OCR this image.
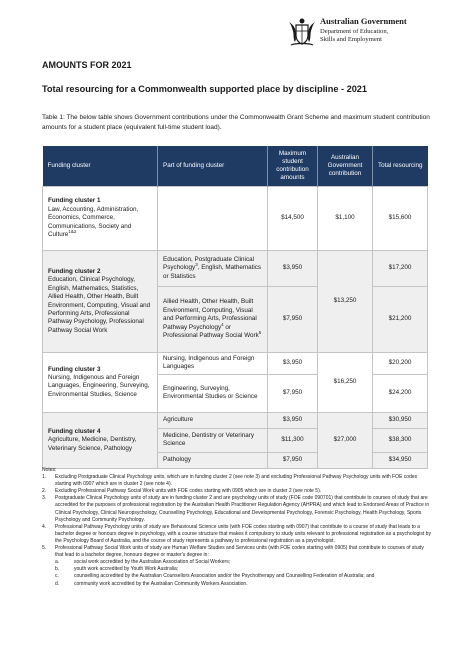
Australian Government
Department of Education,
Skills and Employment
AMOUNTS FOR 2021
Total resourcing for a Commonwealth supported place by discipline - 2021
Table 1: The below table shows Government contributions under the Commonwealth Grant Scheme and maximum student contribution amounts for a student place (equivalent full-time student load).
Funding cluster	Part of funding cluster	Maximum student contribution amounts	Australian Government contribution	Total resourcing

Funding cluster 1
Law, Accounting, Administration, Economics, Commerce, Communications, Society and Culture$^{1\&2}$		$14,500	$1,100	$15,600

Funding cluster 2
Education, Clinical Psychology, English, Mathematics, Statistics, Allied Health, Other Health, Built Environment, Computing, Visual and Performing Arts, Professional Pathway Psychology, Professional Pathway Social Work	Education, Postgraduate Clinical Psychology$^3$, English, Mathematics or Statistics	$3,950	$13,250	$17,200
	Allied Health, Other Health, Built Environment, Computing, Visual and Performing Arts, Professional Pathway Psychology$^4$ or Professional Pathway Social Work$^5$	$7,950		$21,200

Funding cluster 3
Nursing, Indigenous and Foreign Languages, Engineering, Surveying, Environmental Studies, Science	Nursing, Indigenous and Foreign Languages	$3,950	$16,250	$20,200
	Engineering, Surveying, Environmental Studies or Science	$7,950		$24,200

Funding cluster 4
Agriculture, Medicine, Dentistry, Veterinary Science, Pathology	Agriculture	$3,950	$27,000	$30,950
	Medicine, Dentistry or Veterinary Science	$11,300		$38,300
	Pathology	$7,950		$34,950
Notes:
1.	Excluding Postgraduate Clinical Psychology units, which are in funding cluster 2 (see note 3) and excluding Professional Pathway Psychology units with FOE codes starting with 0907 which are in cluster 2 (see note 4).
2.	Excluding Professional Pathway Social Work units with FOE codes starting with 0905 which are in cluster 2 (see note 5).
3.	Postgraduate Clinical Psychology units of study are in funding cluster 2 and are psychology units of study (FOE code 090701) that contribute to courses of study that are accredited for the purposes of professional registration by the Australian Health Practitioner Regulation Agency (AHPRA) and which lead to Endorsed Areas of Practice in Clinical Psychology, Clinical Neuropsychology, Counselling Psychology, Educational and Developmental Psychology, Forensic Psychology, Health Psychology, Sports Psychology and Community Psychology.
4.	Professional Pathway Psychology units of study are Behavioural Science units (with FOE codes starting with 0907) that contribute to a course of study that leads to a bachelor degree or honours degree in psychology, with a course structure that makes it compulsory to study units relevant to professional registration as a psychologist by the Psychology Board of Australia, and the course of study represents a pathway to professional registration as a psychologist.
5.	Professional Pathway Social Work units of study are Human Welfare Studies and Services units (with FOE codes starting with 0905) that contribute to courses of study that lead to a bachelor degree, honours degree or master's degree in:
a.	social work accredited by the Australian Association of Social Workers;
b.	youth work accredited by Youth Work Australia;
c.	counselling accredited by the Australian Counsellors Association and/or the Psychotherapy and Counselling Federation of Australia; and
d.	community work accredited by the Australian Community Workers Association.
